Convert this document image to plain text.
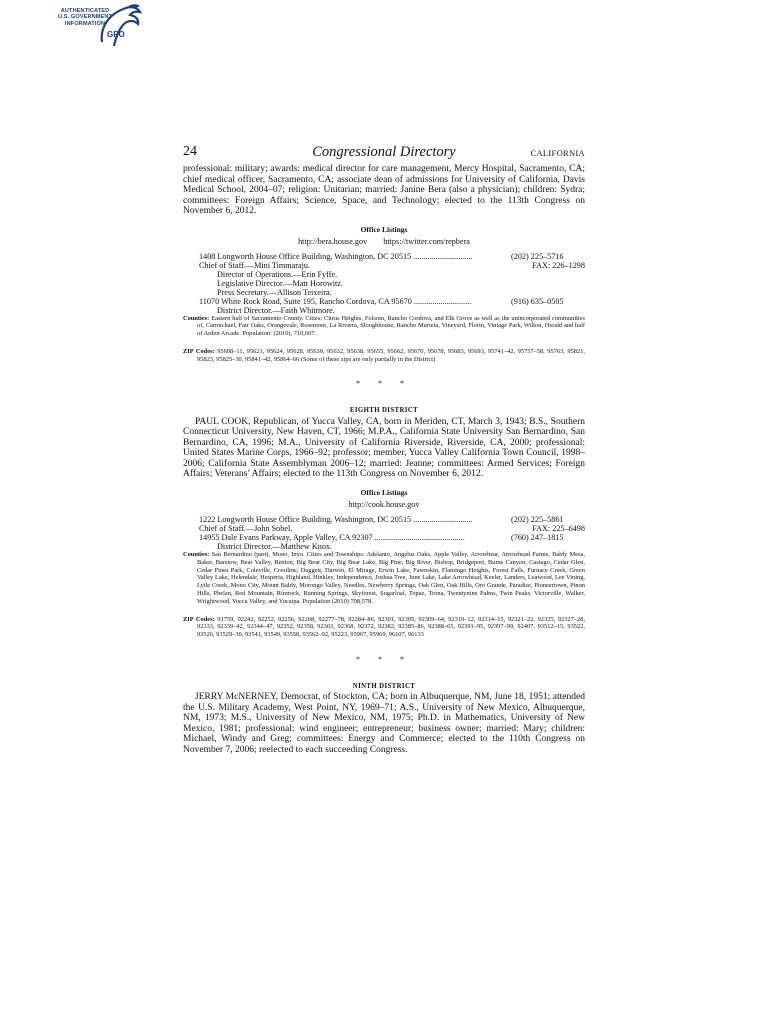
AUTHENTICATED
U.S. GOVERNMENT
INFORMATION
GPO
24	Congressional Directory	CALIFORNIA

professional: military; awards: medical director for care management, Mercy Hospital, Sacramento, CA; chief medical officer, Sacramento, CA; associate dean of admissions for University of California, Davis Medical School, 2004–07; religion: Unitarian; married: Janine Bera (also a physician); children: Sydra; committees: Foreign Affairs; Science, Space, and Technology; elected to the 113th Congress on November 6, 2012.

Office Listings
http://bera.house.gov https://twitter.com/repbera
1408 Longworth House Office Building, Washington, DC 20515 .............................	(202) 225–5716
Chief of Staff.—Mini Timmaraju.	FAX: 226–1298
Director of Operations.—Erin Fyffe.
Legislative Director.—Matt Horowitz.
Press Secretary.—Allison Teixeira.
11070 White Rock Road, Suite 195, Rancho Cordova, CA 95670 ............................	(916) 635–0505
District Director.—Faith Whitmore.

Counties: Eastern half of Sacramento County. Cities: Citrus Heights, Folsom, Rancho Cordova, and Elk Grove as well as the unincorporated communities of, Carmichael, Fair Oaks, Orangevale, Rosemont, La Riviera, Sloughhouse, Rancho Murieta, Vineyard, Florin, Vintage Park, Wilton, Herald and half of Arden Arcade. Population: (2010), 710,607.

ZIP Codes: 95608–11, 95621, 95624, 95628, 95630, 95632, 95638, 95655, 95662, 95670, 95678, 95683, 95693, 95741–42, 95757–58, 95763, 95821, 95823, 95825–30, 95841–42, 95864–66 (Some of these zips are only partially in the District)

* * *
EIGHTH DISTRICT

PAUL COOK, Republican, of Yucca Valley, CA, born in Meriden, CT, March 3, 1943; B.S., Southern Connecticut University, New Haven, CT, 1966; M.P.A., California State University San Bernardino, San Bernardino, CA, 1996; M.A., University of California Riverside, Riverside, CA, 2000; professional: United States Marine Corps, 1966–92; professor; member, Yucca Valley California Town Council, 1998–2006; California State Assemblyman 2006–12; married: Jeanne; committees: Armed Services; Foreign Affairs; Veterans’ Affairs; elected to the 113th Congress on November 6, 2012.

Office Listings
http://cook.house.gov
1222 Longworth House Office Building, Washington, DC 20515 .............................	(202) 225–5861
Chief of Staff.—John Sobel.	FAX: 225–6498
14955 Dale Evans Parkway, Apple Valley, CA 92307 ............................................	(760) 247–1815
District Director.—Matthew Knox.

Counties: San Bernardino (part), Mono, Inyo. Cities and Townships: Adelanto, Angelus Oaks, Apple Valley, Arrowbear, Arrowhead Farms, Baldy Mesa, Baker, Barstow, Bear Valley, Benton, Big Bear City, Big Bear Lake, Big Pine, Big River, Bishop, Bridgeport, Burns Canyon, Castago, Cedar Glen, Cedar Pines Park, Coleville, Crestline, Daggett, Darwin, El Mirage, Erwin Lake, Fawnskin, Flamingo Heights, Forest Falls, Furnace Creek, Green Valley Lake, Helendale, Hesperia, Highland, Hinkley, Independence, Joshua Tree, June Lake, Lake Arrowhead, Keeler, Landers, Leawood, Lee Vining, Lytle Creek, Mono City, Mount Baldy, Morongo Valley, Needles, Newberry Springs, Oak Glen, Oak Hills, Oro Grande, Paradise, Pioneertown, Pinon Hills, Phelan, Red Mountain, Rimrock, Running Springs, Skyforest, Sugarloaf, Topaz, Trona, Twentynine Palms, Twin Peaks, Victorville, Walker, Wrightwood, Yucca Valley, and Yucaipa. Population (2010) 708,578.

ZIP Codes: 91759, 92242, 92252, 92256, 92268, 92277–78, 92284–86, 92301, 92305, 92309–64, 92310–12, 92314–15, 92321–22, 92325, 92327–28, 92333, 92339–42, 92344–47, 92352, 92358, 92363, 92368, 92372, 92382, 92385–86, 92388–65, 92391–95, 92397–99, 92407, 93512–15, 93522, 93526, 93529–30, 93541, 93549, 93558, 93562–92, 95223, 95967, 95969, 96107, 96133

* * *
NINTH DISTRICT

JERRY McNERNEY, Democrat, of Stockton, CA; born in Albuquerque, NM, June 18, 1951; attended the U.S. Military Academy, West Point, NY, 1969–71; A.S., University of New Mexico, Albuquerque, NM, 1973; M.S., University of New Mexico, NM, 1975; Ph.D. in Mathematics, University of New Mexico, 1981; professional: wind engineer; entrepreneur; business owner; married: Mary; children: Michael, Windy and Greg; committees: Energy and Commerce; elected to the 110th Congress on November 7, 2006; reelected to each succeeding Congress.
